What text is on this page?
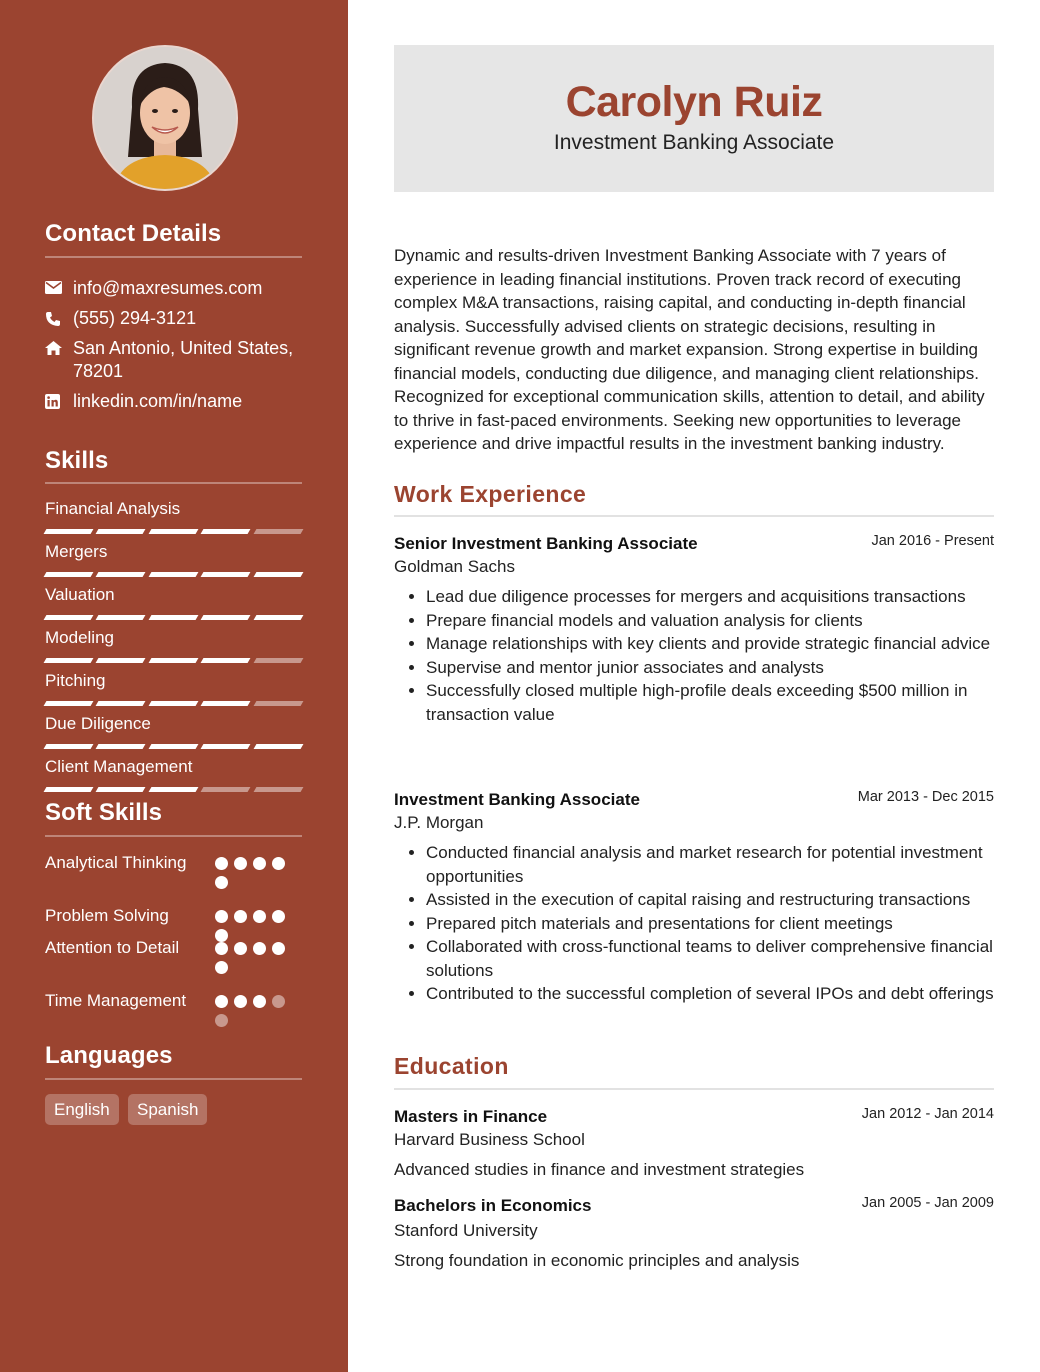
Contact Details
info@maxresumes.com
(555) 294-3121
San Antonio, United States, 78201
linkedin.com/in/name
Skills
Soft Skills
Languages
English	Spanish
Financial Analysis
Mergers
Valuation
Modeling
Pitching
Due Diligence
Client Management
Analytical Thinking
Problem Solving
Attention to Detail
Time Management
Carolyn Ruiz
Investment Banking Associate
Dynamic and results-driven Investment Banking Associate with 7 years of experience in leading financial institutions. Proven track record of executing complex M&A transactions, raising capital, and conducting in-depth financial analysis. Successfully advised clients on strategic decisions, resulting in significant revenue growth and market expansion. Strong expertise in building financial models, conducting due diligence, and managing client relationships. Recognized for exceptional communication skills, attention to detail, and ability to thrive in fast-paced environments. Seeking new opportunities to leverage experience and drive impactful results in the investment banking industry.
Work Experience
Senior Investment Banking Associate	Jan 2016 - Present
Goldman Sachs
• Lead due diligence processes for mergers and acquisitions transactions
• Prepare financial models and valuation analysis for clients
• Manage relationships with key clients and provide strategic financial advice
• Supervise and mentor junior associates and analysts
• Successfully closed multiple high-profile deals exceeding $500 million in transaction value
Investment Banking Associate	Mar 2013 - Dec 2015
J.P. Morgan
• Conducted financial analysis and market research for potential investment opportunities
• Assisted in the execution of capital raising and restructuring transactions
• Prepared pitch materials and presentations for client meetings
• Collaborated with cross-functional teams to deliver comprehensive financial solutions
• Contributed to the successful completion of several IPOs and debt offerings
Education
Masters in Finance	Jan 2012 - Jan 2014
Harvard Business School
Advanced studies in finance and investment strategies
Bachelors in Economics	Jan 2005 - Jan 2009
Stanford University
Strong foundation in economic principles and analysis
